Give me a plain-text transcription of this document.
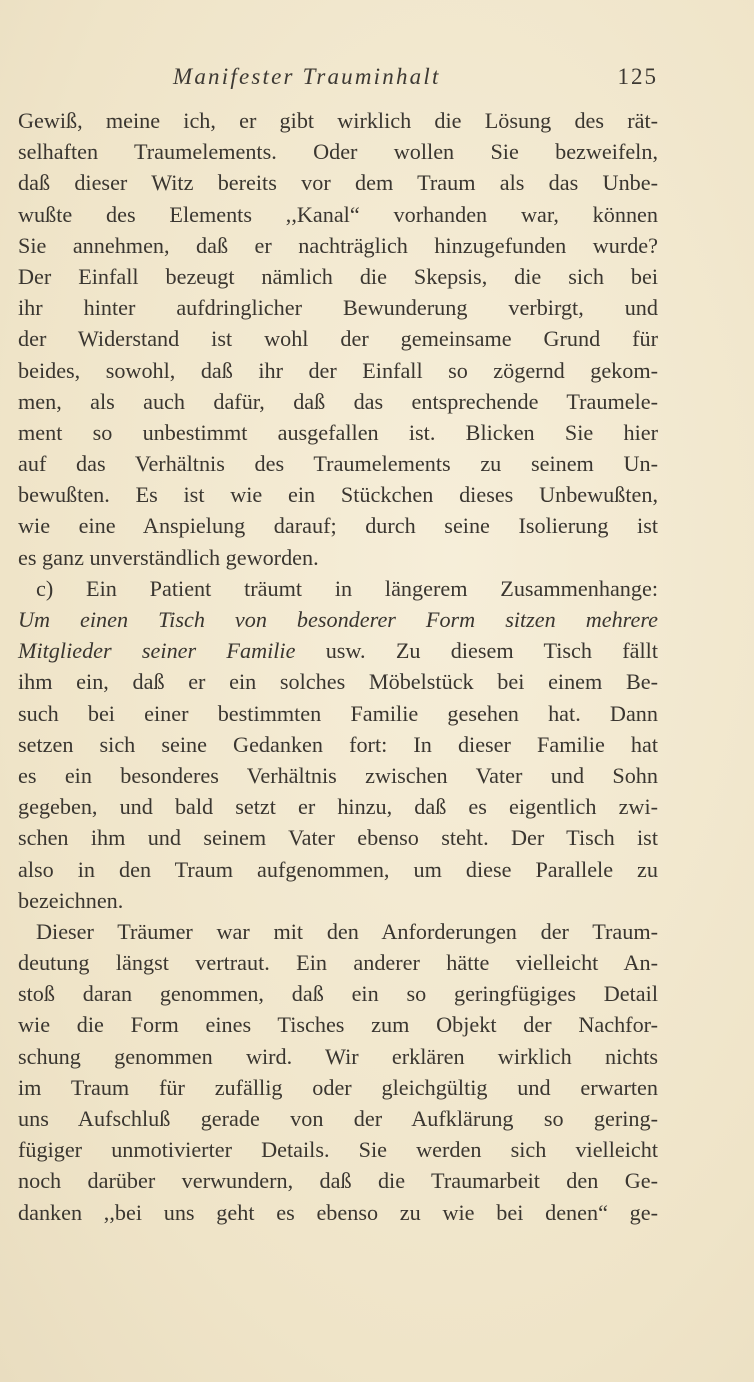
Manifester Trauminhalt	125
Gewiß, meine ich, er gibt wirklich die Lösung des rät-
selhaften Traumelements. Oder wollen Sie bezweifeln,
daß dieser Witz bereits vor dem Traum als das Unbe-
wußte des Elements ,,Kanal“ vorhanden war, können
Sie annehmen, daß er nachträglich hinzugefunden wurde?
Der Einfall bezeugt nämlich die Skepsis, die sich bei
ihr hinter aufdringlicher Bewunderung verbirgt, und
der Widerstand ist wohl der gemeinsame Grund für
beides, sowohl, daß ihr der Einfall so zögernd gekom-
men, als auch dafür, daß das entsprechende Traumele-
ment so unbestimmt ausgefallen ist. Blicken Sie hier
auf das Verhältnis des Traumelements zu seinem Un-
bewußten. Es ist wie ein Stückchen dieses Unbewußten,
wie eine Anspielung darauf; durch seine Isolierung ist
es ganz unverständlich geworden.
c) Ein Patient träumt in längerem Zusammenhange:
Um einen Tisch von besonderer Form sitzen mehrere
Mitglieder seiner Familie usw. Zu diesem Tisch fällt
ihm ein, daß er ein solches Möbelstück bei einem Be-
such bei einer bestimmten Familie gesehen hat. Dann
setzen sich seine Gedanken fort: In dieser Familie hat
es ein besonderes Verhältnis zwischen Vater und Sohn
gegeben, und bald setzt er hinzu, daß es eigentlich zwi-
schen ihm und seinem Vater ebenso steht. Der Tisch ist
also in den Traum aufgenommen, um diese Parallele zu
bezeichnen.
Dieser Träumer war mit den Anforderungen der Traum-
deutung längst vertraut. Ein anderer hätte vielleicht An-
stoß daran genommen, daß ein so geringfügiges Detail
wie die Form eines Tisches zum Objekt der Nachfor-
schung genommen wird. Wir erklären wirklich nichts
im Traum für zufällig oder gleichgültig und erwarten
uns Aufschluß gerade von der Aufklärung so gering-
fügiger unmotivierter Details. Sie werden sich vielleicht
noch darüber verwundern, daß die Traumarbeit den Ge-
danken ,,bei uns geht es ebenso zu wie bei denen“ ge-
